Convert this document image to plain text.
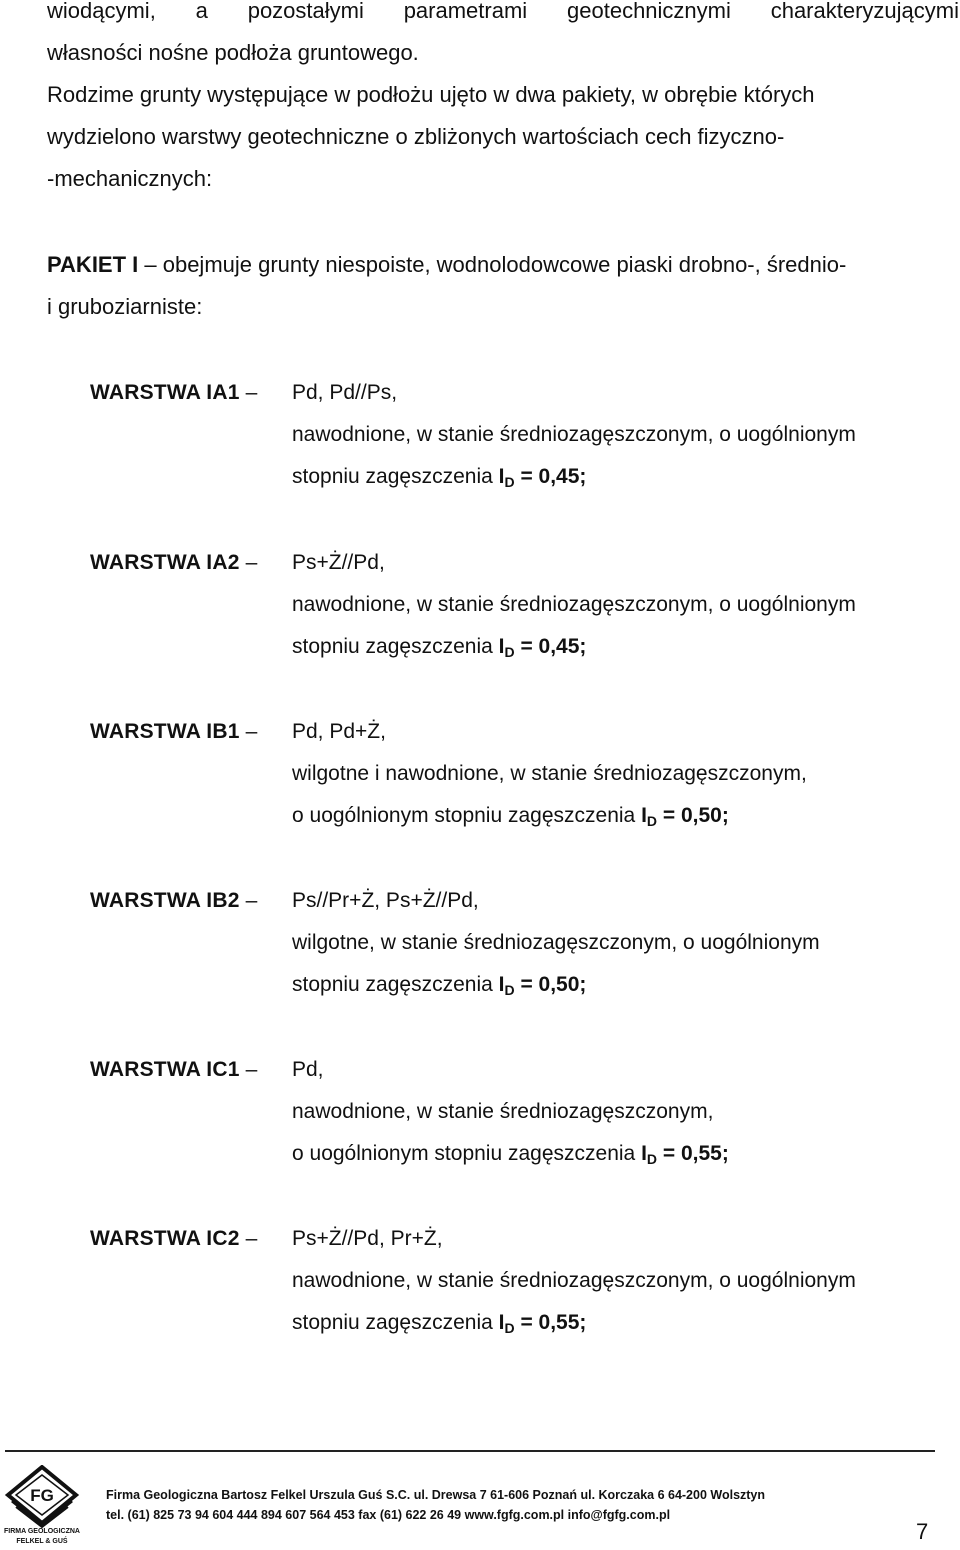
wiodącymi, a pozostałymi parametrami geotechnicznymi charakteryzującymi
własności nośne podłoża gruntowego.
Rodzime grunty występujące w podłożu ujęto w dwa pakiety, w obrębie których
wydzielono warstwy geotechniczne o zbliżonych wartościach cech fizyczno-
-mechanicznych:
PAKIET I – obejmuje grunty niespoiste, wodnolodowcowe piaski drobno-, średnio-
i gruboziarniste:
WARSTWA IA1 –	Pd, Pd//Ps,
nawodnione, w stanie średniozagęszczonym, o uogólnionym
stopniu zagęszczenia $I_D = 0,45$;
WARSTWA IA2 –	Ps+Ż//Pd,
nawodnione, w stanie średniozagęszczonym, o uogólnionym
stopniu zagęszczenia $I_D = 0,45$;
WARSTWA IB1 –	Pd, Pd+Ż,
wilgotne i nawodnione, w stanie średniozagęszczonym,
o uogólnionym stopniu zagęszczenia $I_D = 0,50$;
WARSTWA IB2 –	Ps//Pr+Ż, Ps+Ż//Pd,
wilgotne, w stanie średniozagęszczonym, o uogólnionym
stopniu zagęszczenia $I_D = 0,50$;
WARSTWA IC1 –	Pd,
nawodnione, w stanie średniozagęszczonym,
o uogólnionym stopniu zagęszczenia $I_D = 0,55$;
WARSTWA IC2 –	Ps+Ż//Pd, Pr+Ż,
nawodnione, w stanie średniozagęszczonym, o uogólnionym
stopniu zagęszczenia $I_D = 0,55$;
FG
FIRMA GEOLOGICZNA
FELKEL & GUŚ
Firma Geologiczna Bartosz Felkel Urszula Guś S.C. ul. Drewsa 7 61-606 Poznań ul. Korczaka 6 64-200 Wolsztyn
tel. (61) 825 73 94 604 444 894 607 564 453 fax (61) 622 26 49 www.fgfg.com.pl info@fgfg.com.pl
7
